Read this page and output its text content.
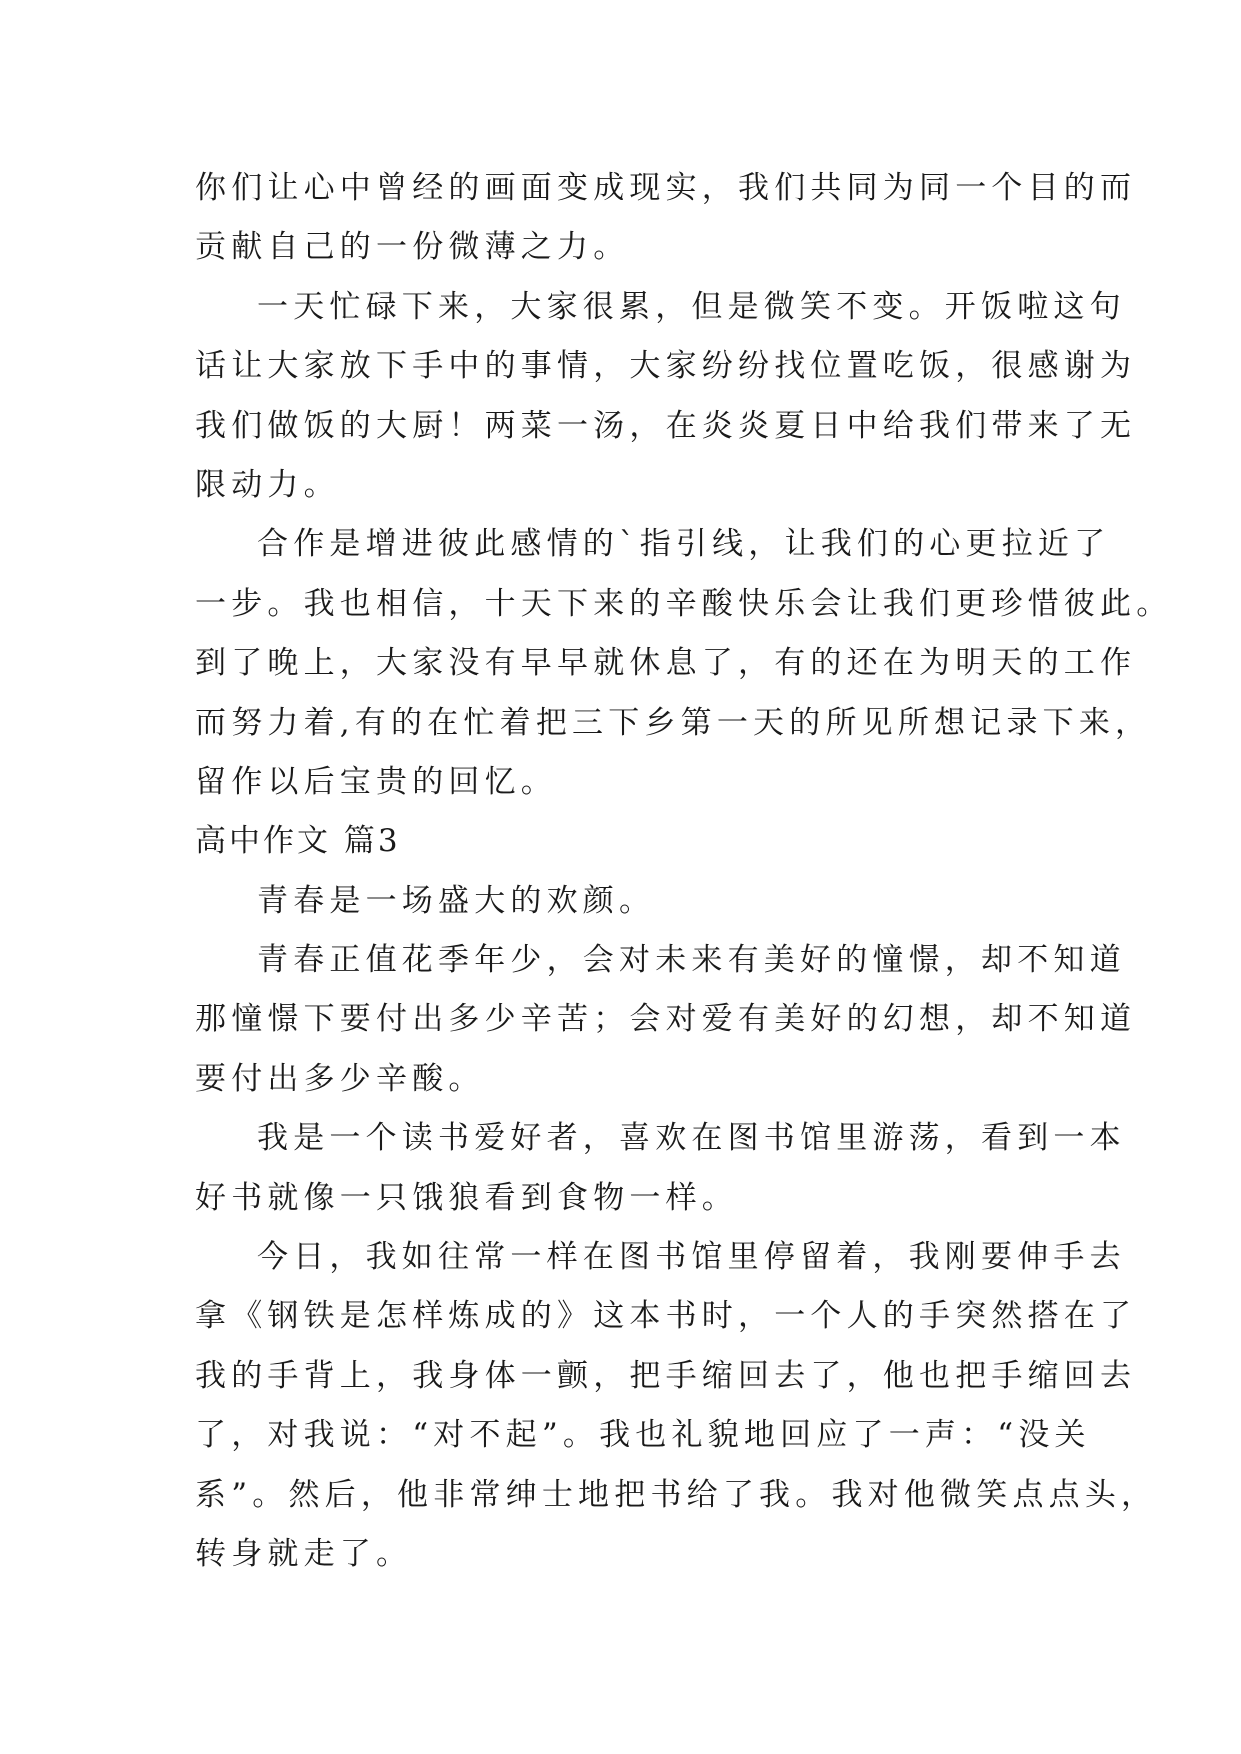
你们让心中曾经的画面变成现实，我们共同为同一个目的而
贡献自己的一份微薄之力。
一天忙碌下来，大家很累，但是微笑不变。开饭啦这句
话让大家放下手中的事情，大家纷纷找位置吃饭，很感谢为
我们做饭的大厨！两菜一汤，在炎炎夏日中给我们带来了无
限动力。
合作是增进彼此感情的`指引线，让我们的心更拉近了
一步。我也相信，十天下来的辛酸快乐会让我们更珍惜彼此。
到了晚上，大家没有早早就休息了，有的还在为明天的工作
而努力着,有的在忙着把三下乡第一天的所见所想记录下来，
留作以后宝贵的回忆。
高中作文 篇3
青春是一场盛大的欢颜。
青春正值花季年少，会对未来有美好的憧憬，却不知道
那憧憬下要付出多少辛苦；会对爱有美好的幻想，却不知道
要付出多少辛酸。
我是一个读书爱好者，喜欢在图书馆里游荡，看到一本
好书就像一只饿狼看到食物一样。
今日，我如往常一样在图书馆里停留着，我刚要伸手去
拿《钢铁是怎样炼成的》这本书时，一个人的手突然搭在了
我的手背上，我身体一颤，把手缩回去了，他也把手缩回去
了，对我说：“对不起”。我也礼貌地回应了一声：“没关
系”。然后，他非常绅士地把书给了我。我对他微笑点点头，
转身就走了。
